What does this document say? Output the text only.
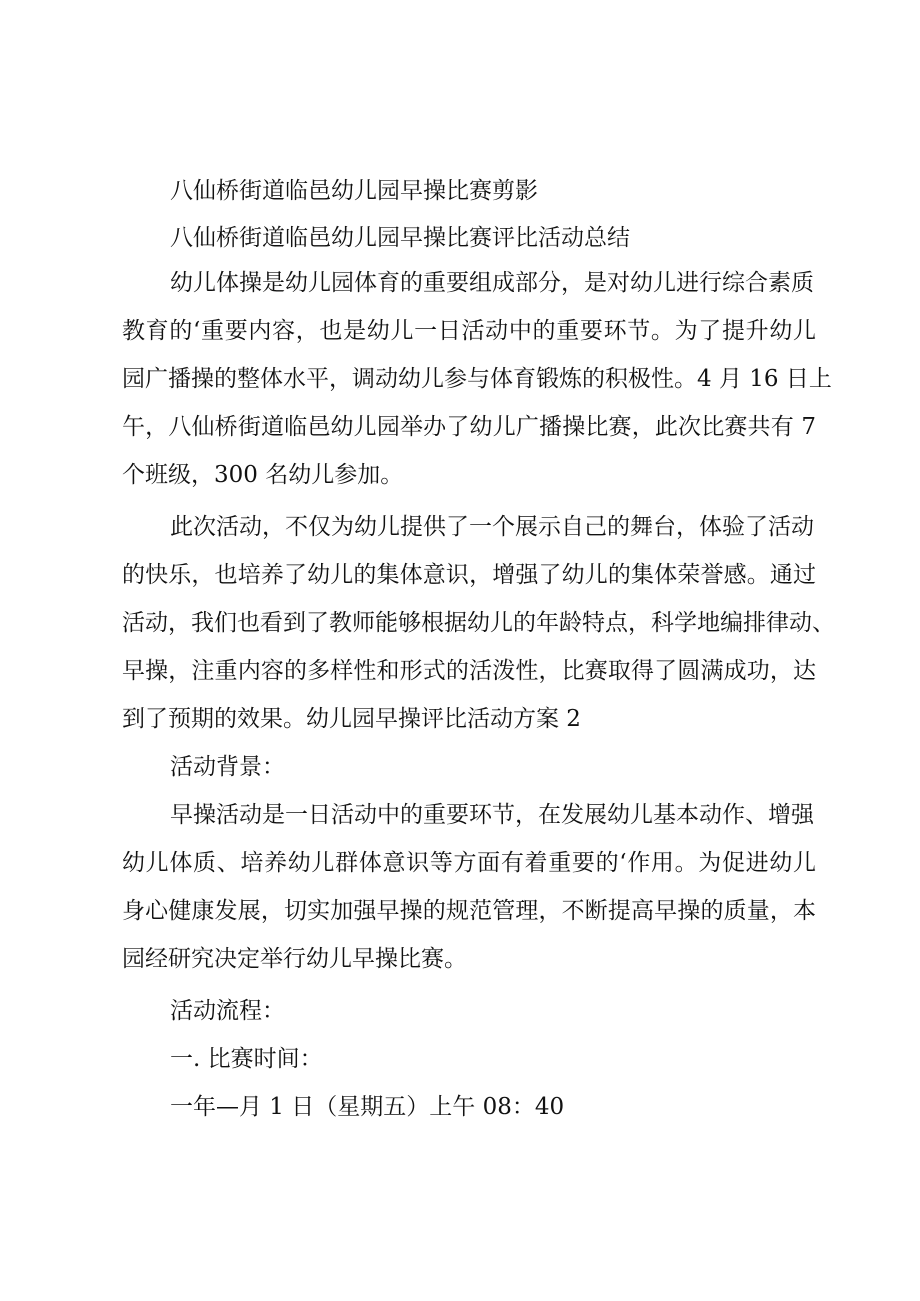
八仙桥街道临邑幼儿园早操比赛剪影
八仙桥街道临邑幼儿园早操比赛评比活动总结
幼儿体操是幼儿园体育的重要组成部分，是对幼儿进行综合素质
教育的‘重要内容，也是幼儿一日活动中的重要环节。为了提升幼儿
园广播操的整体水平，调动幼儿参与体育锻炼的积极性。4 月 16 日上
午，八仙桥街道临邑幼儿园举办了幼儿广播操比赛，此次比赛共有 7
个班级，300 名幼儿参加。
此次活动，不仅为幼儿提供了一个展示自己的舞台，体验了活动
的快乐，也培养了幼儿的集体意识，增强了幼儿的集体荣誉感。通过
活动，我们也看到了教师能够根据幼儿的年龄特点，科学地编排律动、
早操，注重内容的多样性和形式的活泼性，比赛取得了圆满成功，达
到了预期的效果。幼儿园早操评比活动方案 2
活动背景：
早操活动是一日活动中的重要环节，在发展幼儿基本动作、增强
幼儿体质、培养幼儿群体意识等方面有着重要的‘作用。为促进幼儿
身心健康发展，切实加强早操的规范管理，不断提高早操的质量，本
园经研究决定举行幼儿早操比赛。
活动流程：
一. 比赛时间：
一年—月 1 日（星期五）上午 08：40
